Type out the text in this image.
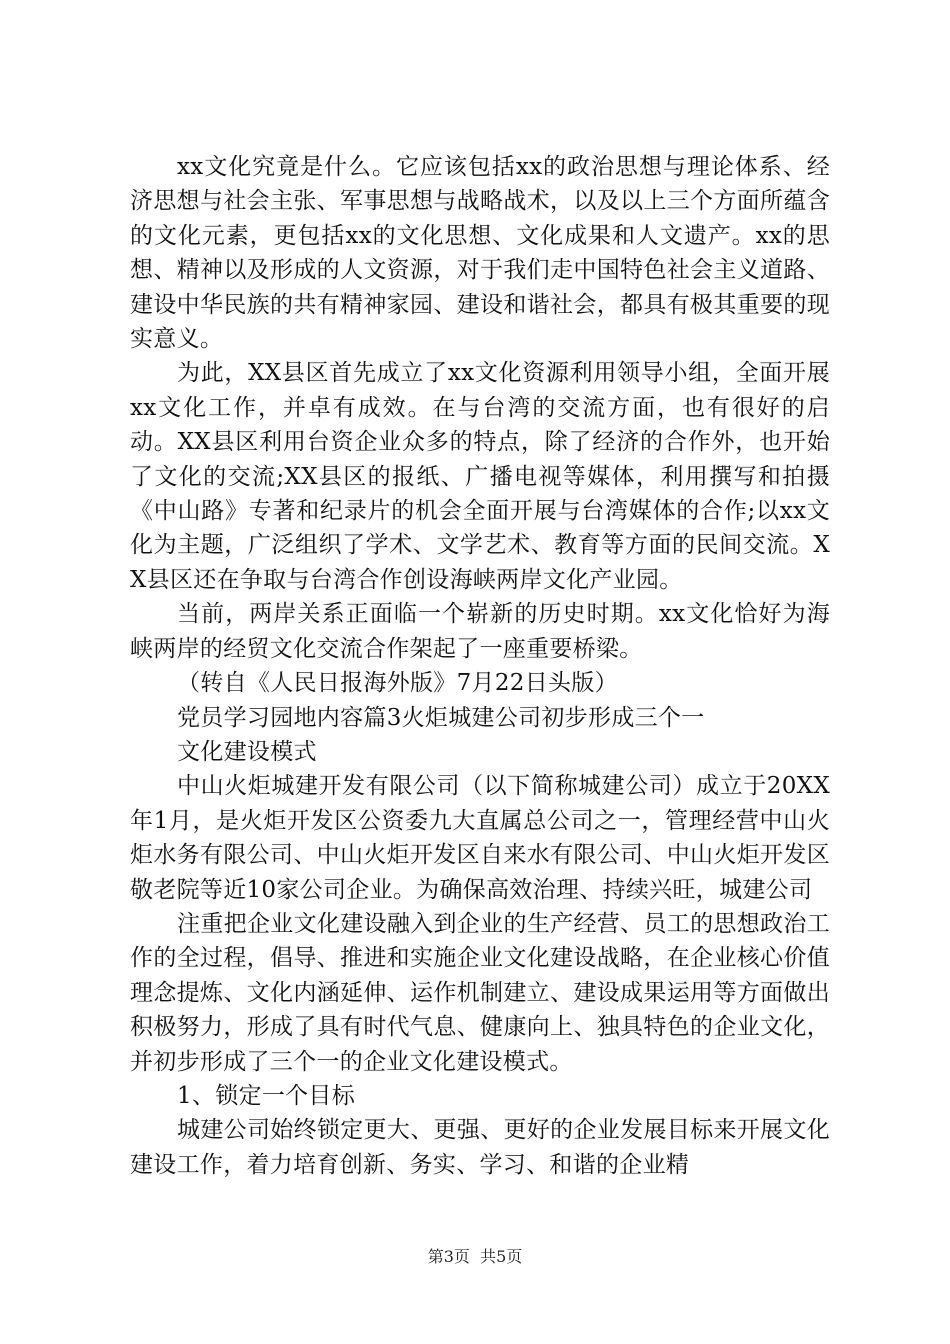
xx文化究竟是什么。它应该包括xx的政治思想与理论体系、经济思想与社会主张、军事思想与战略战术，以及以上三个方面所蕴含的文化元素，更包括xx的文化思想、文化成果和人文遗产。xx的思想、精神以及形成的人文资源，对于我们走中国特色社会主义道路、建设中华民族的共有精神家园、建设和谐社会，都具有极其重要的现实意义。

为此，XX县区首先成立了xx文化资源利用领导小组，全面开展xx文化工作，并卓有成效。在与台湾的交流方面，也有很好的启动。XX县区利用台资企业众多的特点，除了经济的合作外，也开始了文化的交流;XX县区的报纸、广播电视等媒体，利用撰写和拍摄《中山路》专著和纪录片的机会全面开展与台湾媒体的合作;以xx文化为主题，广泛组织了学术、文学艺术、教育等方面的民间交流。XX县区还在争取与台湾合作创设海峡两岸文化产业园。

当前，两岸关系正面临一个崭新的历史时期。xx文化恰好为海峡两岸的经贸文化交流合作架起了一座重要桥梁。

（转自《人民日报海外版》7月22日头版）

党员学习园地内容篇3火炬城建公司初步形成三个一

文化建设模式

中山火炬城建开发有限公司（以下简称城建公司）成立于20XX年1月，是火炬开发区公资委九大直属总公司之一，管理经营中山火炬水务有限公司、中山火炬开发区自来水有限公司、中山火炬开发区敬老院等近10家公司企业。为确保高效治理、持续兴旺，城建公司

注重把企业文化建设融入到企业的生产经营、员工的思想政治工作的全过程，倡导、推进和实施企业文化建设战略，在企业核心价值理念提炼、文化内涵延伸、运作机制建立、建设成果运用等方面做出积极努力，形成了具有时代气息、健康向上、独具特色的企业文化，并初步形成了三个一的企业文化建设模式。

1、锁定一个目标

城建公司始终锁定更大、更强、更好的企业发展目标来开展文化建设工作，着力培育创新、务实、学习、和谐的企业精

第3页 共5页
